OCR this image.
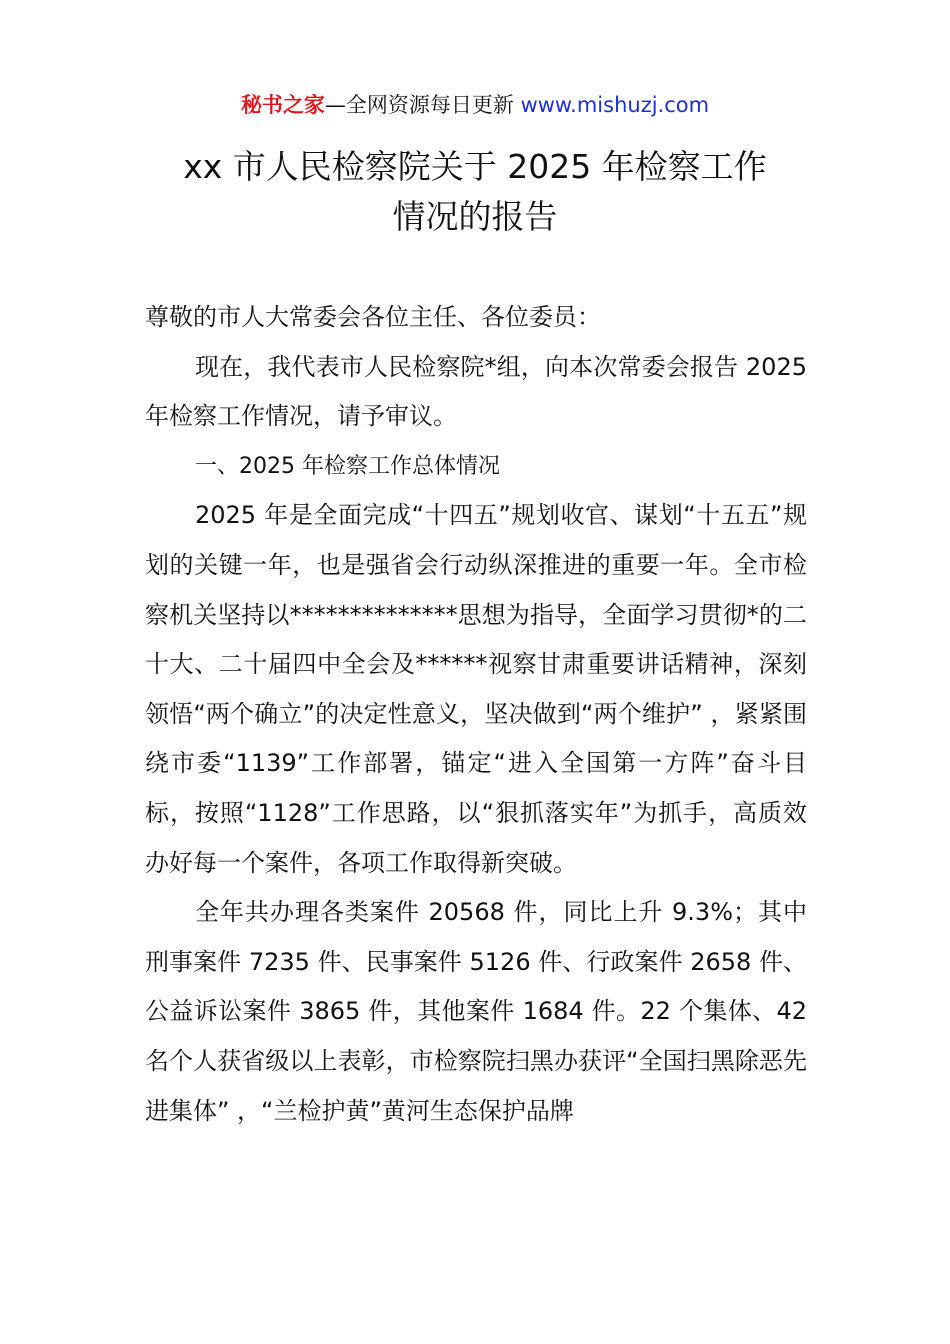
秘书之家—全网资源每日更新 www.mishuzj.com
xx 市人民检察院关于 2025 年检察工作
情况的报告

尊敬的市人大常委会各位主任、各位委员：

现在，我代表市人民检察院*组，向本次常委会报告 2025 年检察工作情况，请予审议。

一、2025 年检察工作总体情况

2025 年是全面完成“十四五”规划收官、谋划“十五五”规划的关键一年，也是强省会行动纵深推进的重要一年。全市检察机关坚持以**************思想为指导，全面学习贯彻*的二十大、二十届四中全会及******视察甘肃重要讲话精神，深刻领悟“两个确立”的决定性意义，坚决做到“两个维护” ，紧紧围绕市委“1139”工作部署，锚定“进入全国第一方阵”奋斗目标，按照“1128”工作思路，以“狠抓落实年”为抓手，高质效办好每一个案件，各项工作取得新突破。

全年共办理各类案件 20568 件，同比上升 9.3%；其中刑事案件 7235 件、民事案件 5126 件、行政案件 2658 件、公益诉讼案件 3865 件，其他案件 1684 件。22 个集体、42 名个人获省级以上表彰，市检察院扫黑办获评“全国扫黑除恶先进集体” ，“兰检护黄”黄河生态保护品牌
